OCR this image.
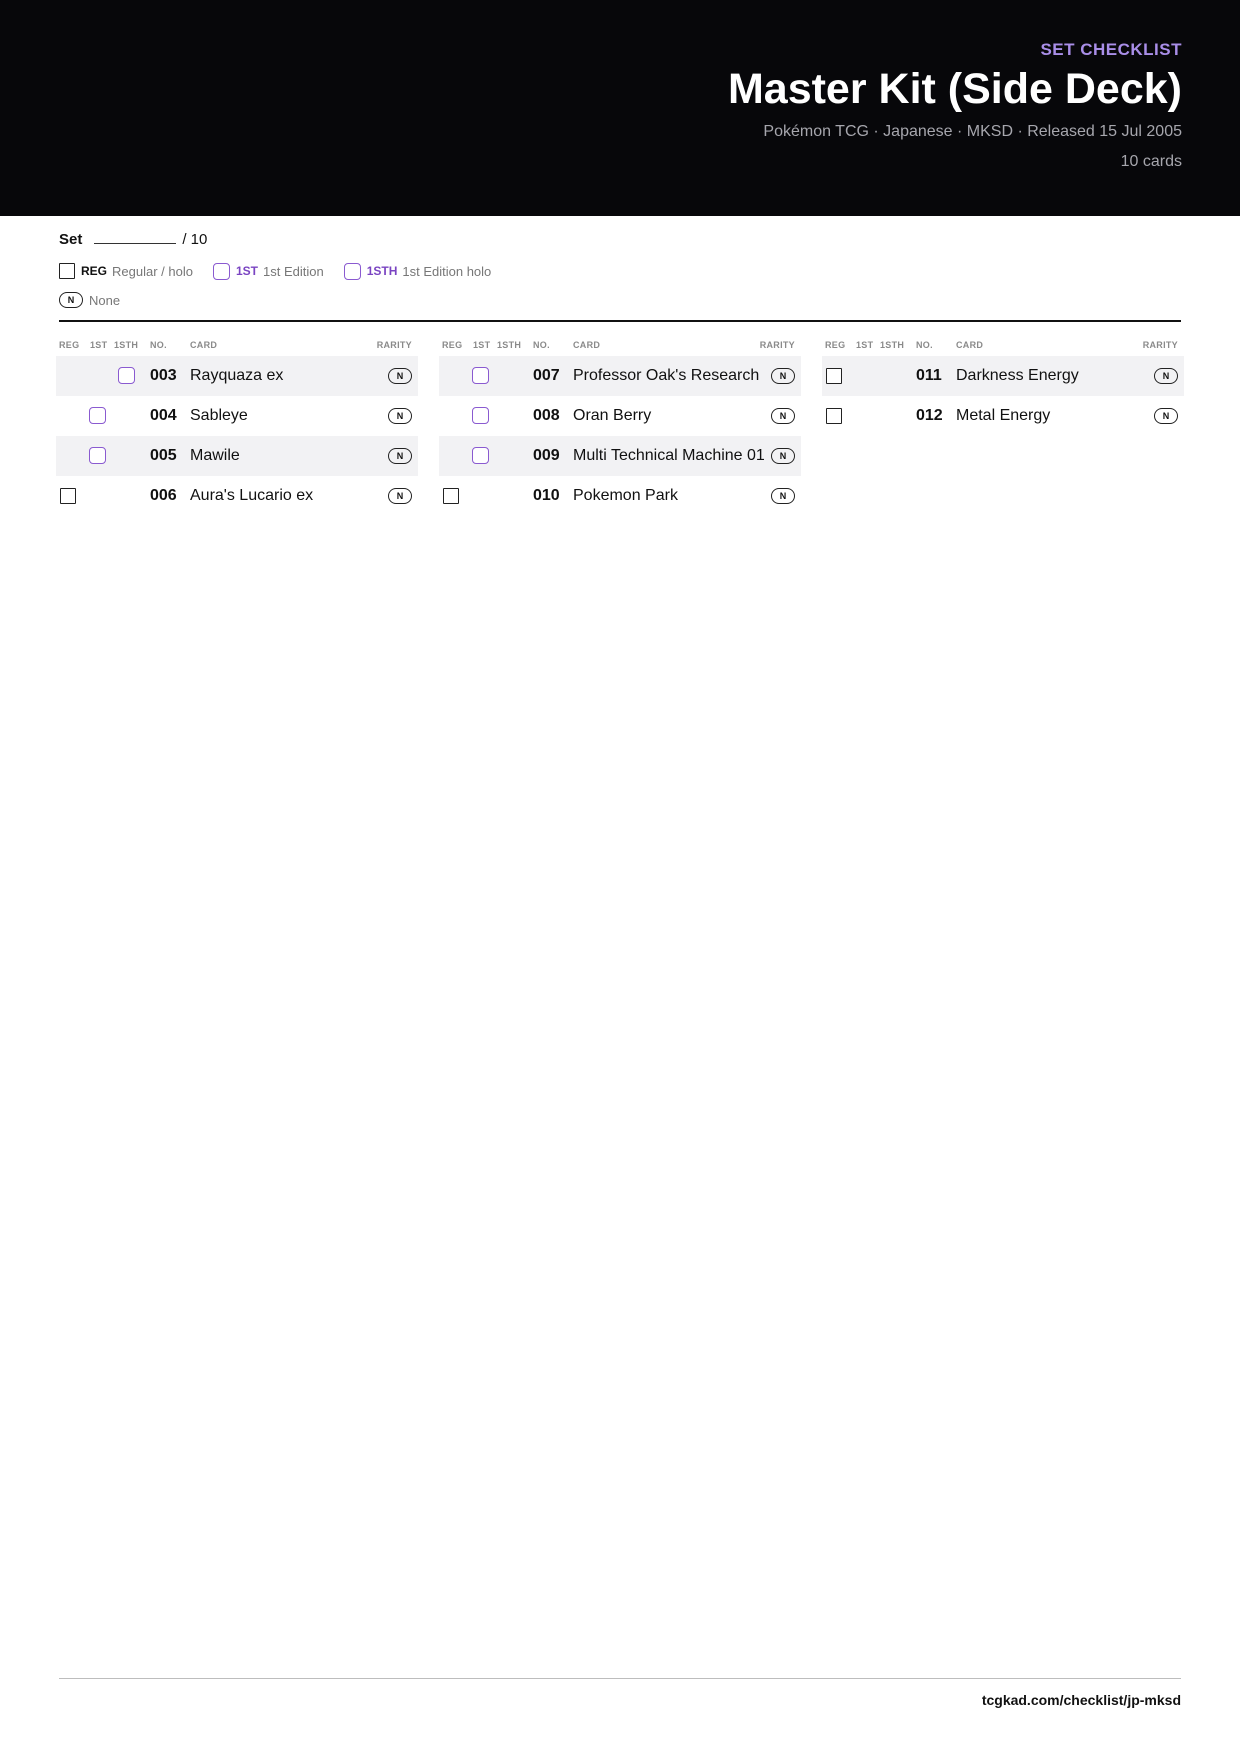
SET CHECKLIST
Master Kit (Side Deck)
Pokémon TCG · Japanese · MKSD · Released 15 Jul 2005
10 cards
Set	/ 10
REG Regular / holo	1ST 1st Edition	1STH 1st Edition holo
N	None
REG 1ST 1STH NO.	CARD	RARITY
003 Rayquaza ex	N
004 Sableye	N
005 Mawile	N
006 Aura's Lucario ex	N
REG 1ST 1STH NO.	CARD	RARITY
007 Professor Oak's Research	N
008 Oran Berry	N
009 Multi Technical Machine 01	N
010 Pokemon Park	N
REG 1ST 1STH NO.	CARD	RARITY
011 Darkness Energy	N
012 Metal Energy	N
tcgkad.com/checklist/jp-mksd
